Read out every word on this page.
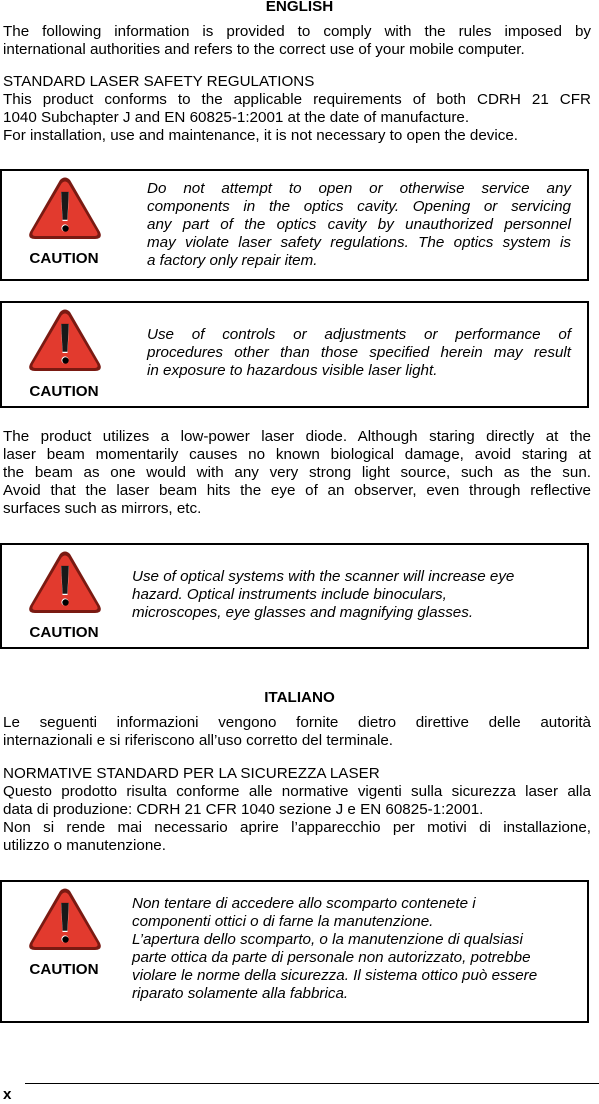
ENGLISH
The following information is provided to comply with the rules imposed by
international authorities and refers to the correct use of your mobile computer.
STANDARD LASER SAFETY REGULATIONS
This product conforms to the applicable requirements of both CDRH 21 CFR
1040 Subchapter J and EN 60825-1:2001 at the date of manufacture.
For installation, use and maintenance, it is not necessary to open the device.
CAUTION
Do not attempt to open or otherwise service any
components in the optics cavity. Opening or servicing
any part of the optics cavity by unauthorized personnel
may violate laser safety regulations. The optics system is
a factory only repair item.
CAUTION
Use of controls or adjustments or performance of
procedures other than those specified herein may result
in exposure to hazardous visible laser light.
The product utilizes a low-power laser diode. Although staring directly at the
laser beam momentarily causes no known biological damage, avoid staring at
the beam as one would with any very strong light source, such as the sun.
Avoid that the laser beam hits the eye of an observer, even through reflective
surfaces such as mirrors, etc.
CAUTION
Use of optical systems with the scanner will increase eye
hazard. Optical instruments include binoculars,
microscopes, eye glasses and magnifying glasses.
ITALIANO
Le seguenti informazioni vengono fornite dietro direttive delle autorità
internazionali e si riferiscono all’uso corretto del terminale.
NORMATIVE STANDARD PER LA SICUREZZA LASER
Questo prodotto risulta conforme alle normative vigenti sulla sicurezza laser alla
data di produzione: CDRH 21 CFR 1040 sezione J e EN 60825-1:2001.
Non si rende mai necessario aprire l’apparecchio per motivi di installazione,
utilizzo o manutenzione.
CAUTION
Non tentare di accedere allo scomparto contenete i
componenti ottici o di farne la manutenzione.
L’apertura dello scomparto, o la manutenzione di qualsiasi
parte ottica da parte di personale non autorizzato, potrebbe
violare le norme della sicurezza. Il sistema ottico può essere
riparato solamente alla fabbrica.
x
